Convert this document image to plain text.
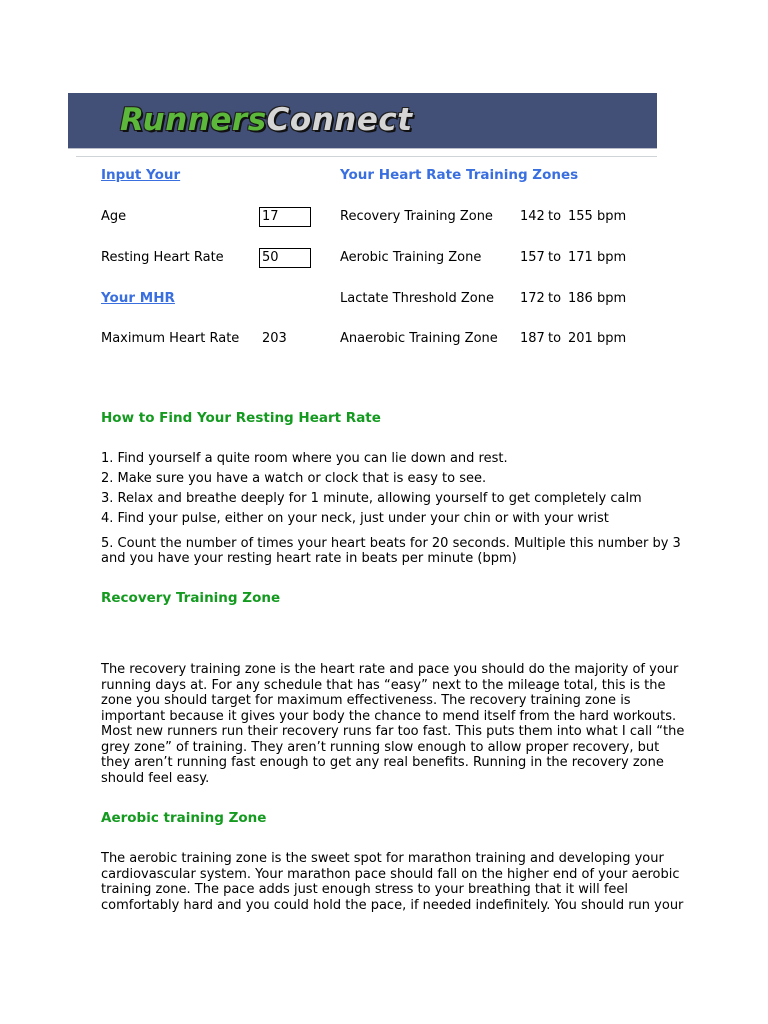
RunnersConnect
Input Your
Age	17
Resting Heart Rate	50
Your MHR
Maximum Heart Rate 203
Your Heart Rate Training Zones
Recovery Training Zone 142 to 155 bpm
Aerobic Training Zone	157 to 171 bpm
Lactate Threshold Zone 172 to 186 bpm
Anaerobic Training Zone 187 to 201 bpm
How to Find Your Resting Heart Rate
1. Find yourself a quite room where you can lie down and rest.
2. Make sure you have a watch or clock that is easy to see.
3. Relax and breathe deeply for 1 minute, allowing yourself to get completely calm
4. Find your pulse, either on your neck, just under your chin or with your wrist
5. Count the number of times your heart beats for 20 seconds. Multiple this number by 3
and you have your resting heart rate in beats per minute (bpm)
Recovery Training Zone
The recovery training zone is the heart rate and pace you should do the majority of your
running days at. For any schedule that has “easy” next to the mileage total, this is the
zone you should target for maximum effectiveness. The recovery training zone is
important because it gives your body the chance to mend itself from the hard workouts.
Most new runners run their recovery runs far too fast. This puts them into what I call “the
grey zone” of training. They aren’t running slow enough to allow proper recovery, but
they aren’t running fast enough to get any real benefits. Running in the recovery zone
should feel easy.
Aerobic training Zone
The aerobic training zone is the sweet spot for marathon training and developing your
cardiovascular system. Your marathon pace should fall on the higher end of your aerobic
training zone. The pace adds just enough stress to your breathing that it will feel
comfortably hard and you could hold the pace, if needed indefinitely. You should run your
